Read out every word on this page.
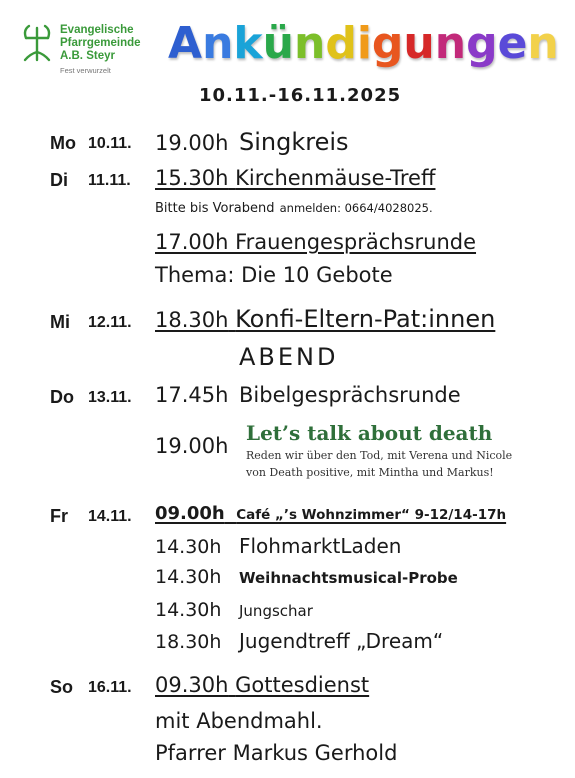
Evangelische
Pfarrgemeinde
A.B. Steyr
Fest verwurzelt
Ankündigungen
10.11.-16.11.2025
Mo 10.11. 19.00h Singkreis
Di 11.11. 15.30h Kirchenmäuse-Treff
Bitte bis Vorabend anmelden: 0664/4028025.
17.00h Frauengesprächsrunde
Thema: Die 10 Gebote
Mi 12.11. 18.30h Konfi-Eltern-Pat:innen
ABEND
Do 13.11. 17.45h Bibelgesprächsrunde
19.00h
Let’s talk about death
Reden wir über den Tod, mit Verena und Nicole
von Death positive, mit Mintha und Markus!
Fr 14.11. 09.00h Café „’s Wohnzimmer“ 9-12/14-17h
14.30h FlohmarktLaden
14.30h Weihnachtsmusical-Probe
14.30h Jungschar
18.30h Jugendtreff „Dream“
So 16.11. 09.30h Gottesdienst
mit Abendmahl.
Pfarrer Markus Gerhold
